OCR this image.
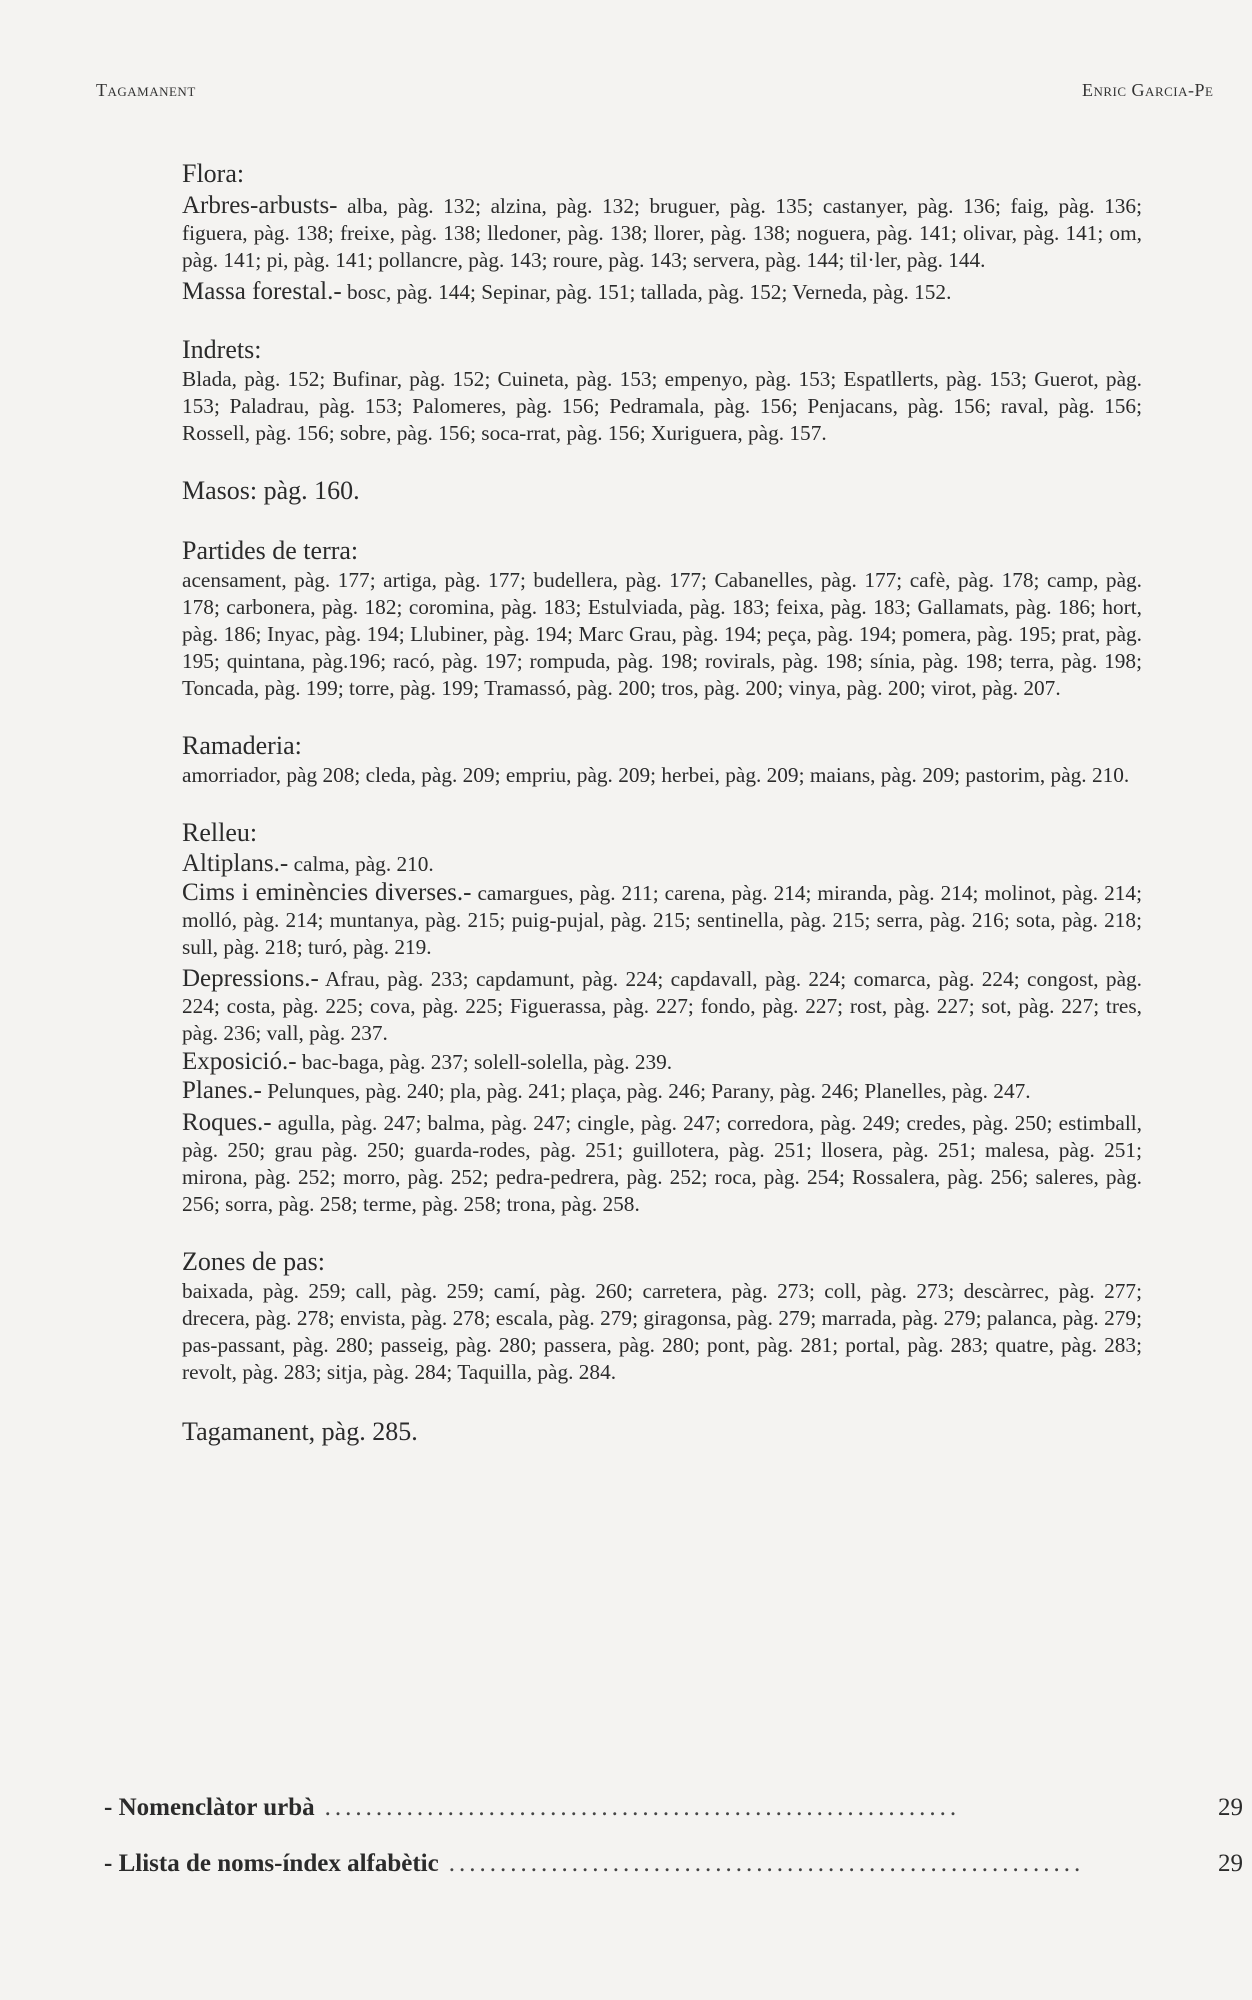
Tagamanent	Enric Garcia-Pe

Flora:

Arbres-arbusts- alba, pàg. 132; alzina, pàg. 132; bruguer, pàg. 135; castanyer, pàg. 136; faig, pàg. 136; figuera, pàg. 138; freixe, pàg. 138; lledoner, pàg. 138; llorer, pàg. 138; noguera, pàg. 141; olivar, pàg. 141; om, pàg. 141; pi, pàg. 141; pollancre, pàg. 143; roure, pàg. 143; servera, pàg. 144; til·ler, pàg. 144.

Massa forestal.- bosc, pàg. 144; Sepinar, pàg. 151; tallada, pàg. 152; Verneda, pàg. 152.

Indrets:

Blada, pàg. 152; Bufinar, pàg. 152; Cuineta, pàg. 153; empenyo, pàg. 153; Espatllerts, pàg. 153; Guerot, pàg. 153; Paladrau, pàg. 153; Palomeres, pàg. 156; Pedramala, pàg. 156; Penjacans, pàg. 156; raval, pàg. 156; Rossell, pàg. 156; sobre, pàg. 156; soca-rrat, pàg. 156; Xuriguera, pàg. 157.

Masos: pàg. 160.

Partides de terra:

acensament, pàg. 177; artiga, pàg. 177; budellera, pàg. 177; Cabanelles, pàg. 177; cafè, pàg. 178; camp, pàg. 178; carbonera, pàg. 182; coromina, pàg. 183; Estulviada, pàg. 183; feixa, pàg. 183; Gallamats, pàg. 186; hort, pàg. 186; Inyac, pàg. 194; Llubiner, pàg. 194; Marc Grau, pàg. 194; peça, pàg. 194; pomera, pàg. 195; prat, pàg. 195; quintana, pàg.196; racó, pàg. 197; rompuda, pàg. 198; rovirals, pàg. 198; sínia, pàg. 198; terra, pàg. 198; Toncada, pàg. 199; torre, pàg. 199; Tramassó, pàg. 200; tros, pàg. 200; vinya, pàg. 200; virot, pàg. 207.

Ramaderia:

amorriador, pàg 208; cleda, pàg. 209; empriu, pàg. 209; herbei, pàg. 209; maians, pàg. 209; pastorim, pàg. 210.

Relleu:

Altiplans.- calma, pàg. 210.

Cims i eminències diverses.- camargues, pàg. 211; carena, pàg. 214; miranda, pàg. 214; molinot, pàg. 214; molló, pàg. 214; muntanya, pàg. 215; puig-pujal, pàg. 215; sentinella, pàg. 215; serra, pàg. 216; sota, pàg. 218; sull, pàg. 218; turó, pàg. 219.

Depressions.- Afrau, pàg. 233; capdamunt, pàg. 224; capdavall, pàg. 224; comarca, pàg. 224; congost, pàg. 224; costa, pàg. 225; cova, pàg. 225; Figuerassa, pàg. 227; fondo, pàg. 227; rost, pàg. 227; sot, pàg. 227; tres, pàg. 236; vall, pàg. 237.

Exposició.- bac-baga, pàg. 237; solell-solella, pàg. 239.

Planes.- Pelunques, pàg. 240; pla, pàg. 241; plaça, pàg. 246; Parany, pàg. 246; Planelles, pàg. 247.

Roques.- agulla, pàg. 247; balma, pàg. 247; cingle, pàg. 247; corredora, pàg. 249; credes, pàg. 250; estimball, pàg. 250; grau pàg. 250; guarda-rodes, pàg. 251; guillotera, pàg. 251; llosera, pàg. 251; malesa, pàg. 251; mirona, pàg. 252; morro, pàg. 252; pedra-pedrera, pàg. 252; roca, pàg. 254; Rossalera, pàg. 256; saleres, pàg. 256; sorra, pàg. 258; terme, pàg. 258; trona, pàg. 258.

Zones de pas:

baixada, pàg. 259; call, pàg. 259; camí, pàg. 260; carretera, pàg. 273; coll, pàg. 273; descàrrec, pàg. 277; drecera, pàg. 278; envista, pàg. 278; escala, pàg. 279; giragonsa, pàg. 279; marrada, pàg. 279; palanca, pàg. 279; pas-passant, pàg. 280; passeig, pàg. 280; passera, pàg. 280; pont, pàg. 281; portal, pàg. 283; quatre, pàg. 283; revolt, pàg. 283; sitja, pàg. 284; Taquilla, pàg. 284.

Tagamanent, pàg. 285.

- Nomenclàtor urbà ..............................................................	29
- Llista de noms-índex alfabètic ..............................................................	29
